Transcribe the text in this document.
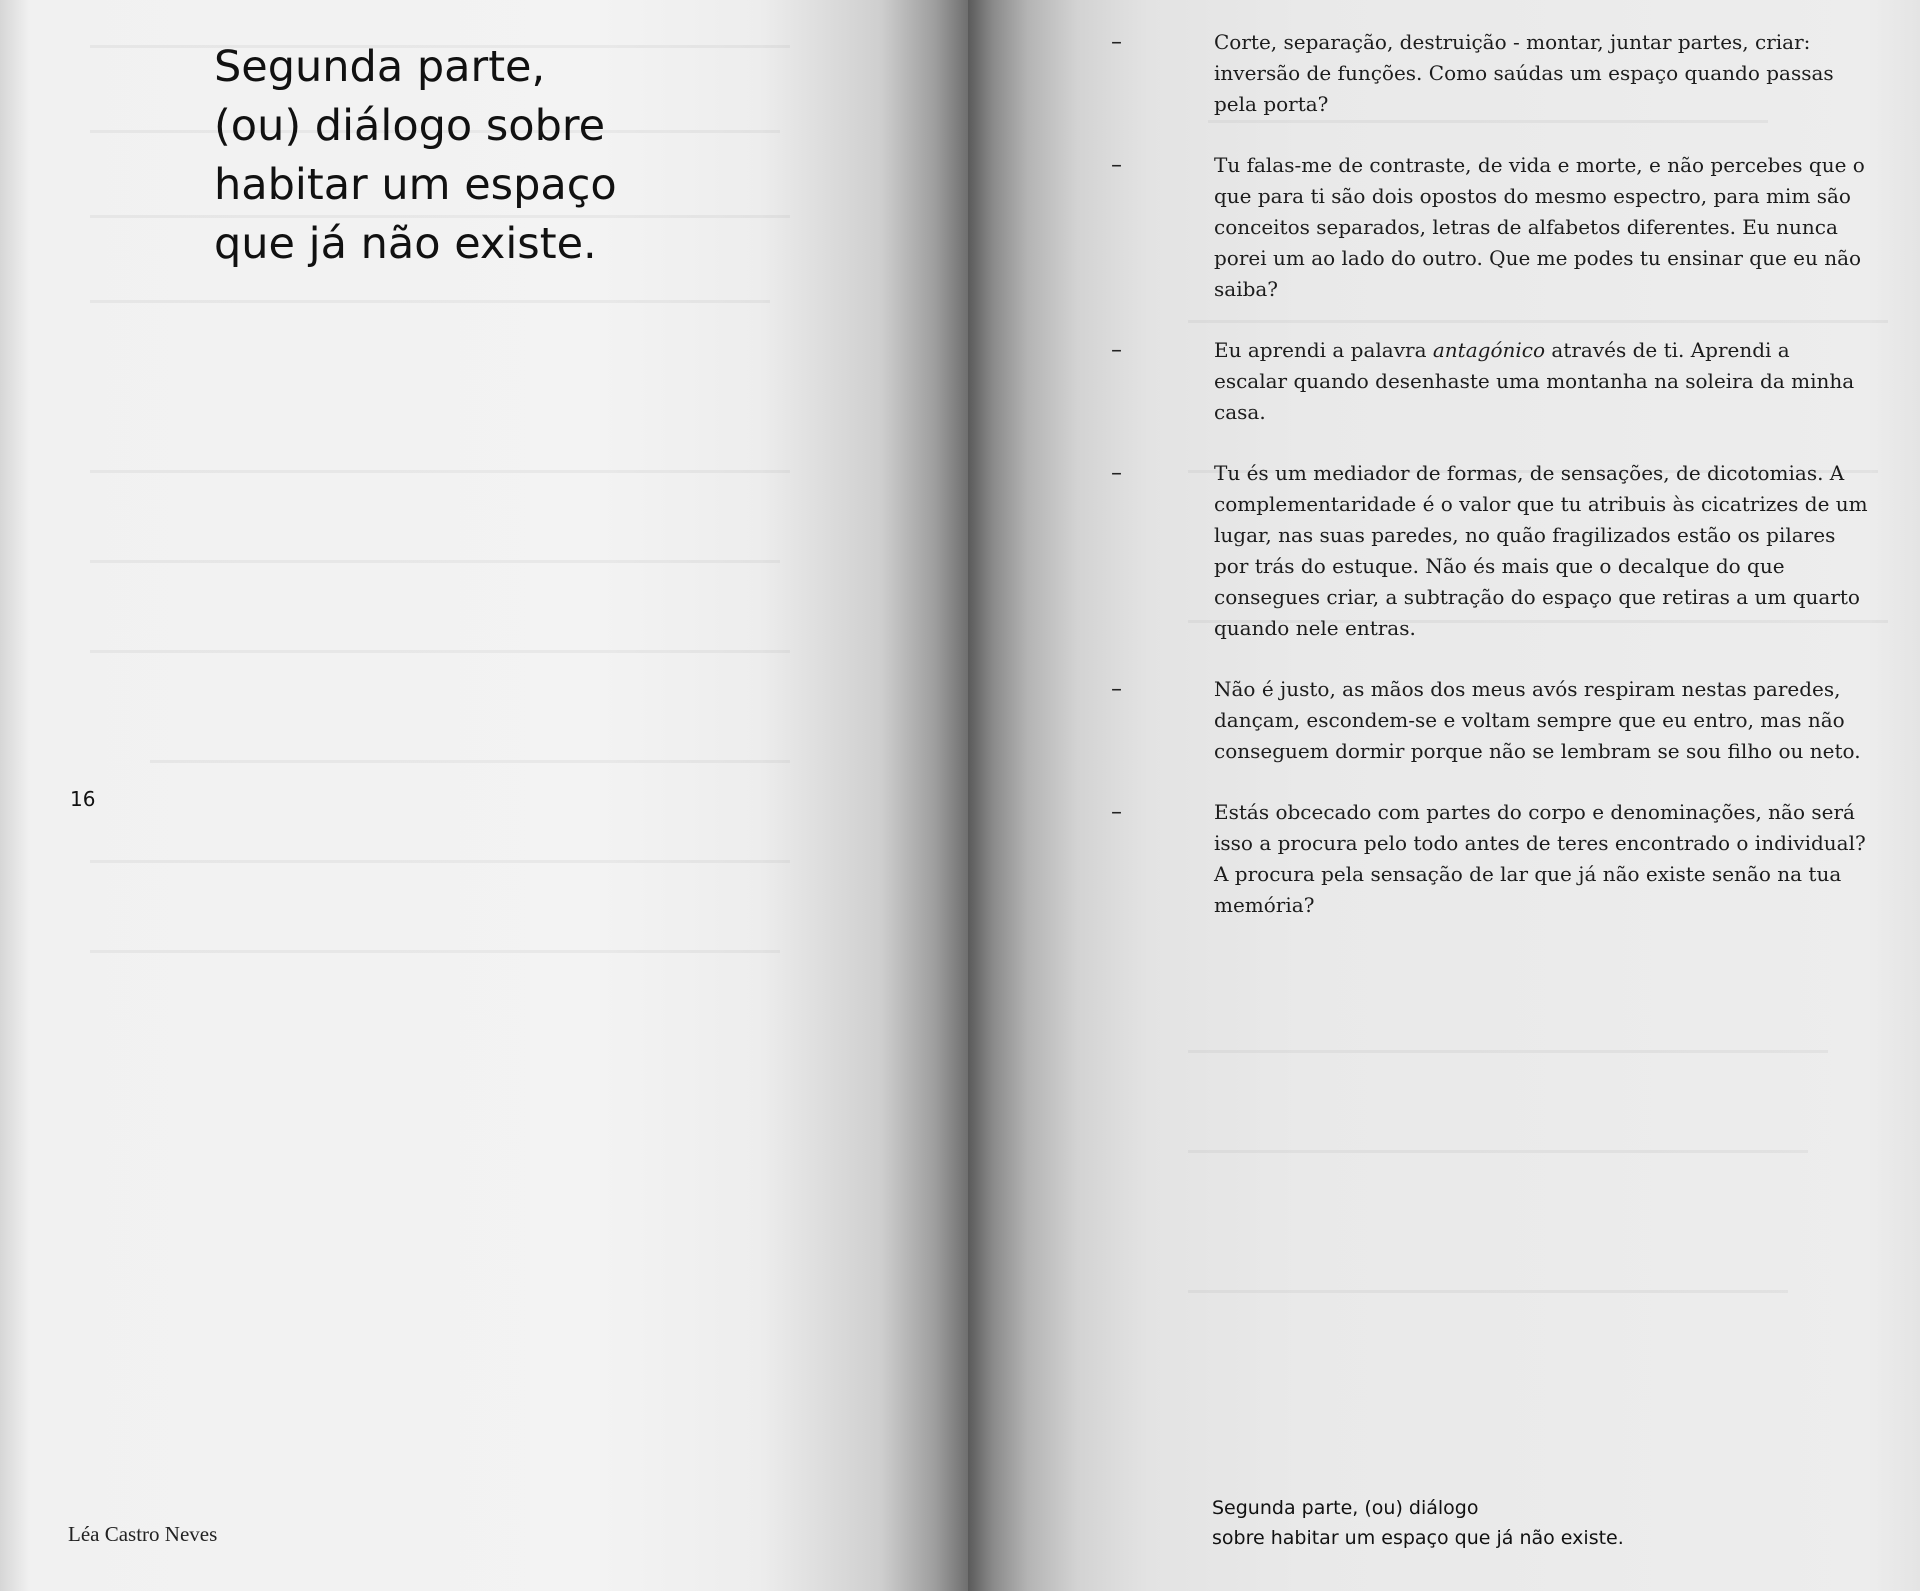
Segunda parte,
(ou) diálogo sobre
habitar um espaço
que já não existe.
16
Léa Castro Neves
–	Corte, separação, destruição - montar, juntar partes, criar: inversão de funções. Como saúdas um espaço quando passas pela porta?

–	Tu falas-me de contraste, de vida e morte, e não percebes que o que para ti são dois opostos do mesmo espectro, para mim são conceitos separados, letras de alfabetos diferentes. Eu nunca porei um ao lado do outro. Que me podes tu ensinar que eu não saiba?

–	Eu aprendi a palavra antagónico através de ti. Aprendi a escalar quando desenhaste uma montanha na soleira da minha casa.

–	Tu és um mediador de formas, de sensações, de dicotomias. A complementaridade é o valor que tu atribuis às cicatrizes de um lugar, nas suas paredes, no quão fragilizados estão os pilares por trás do estuque. Não és mais que o decalque do que consegues criar, a subtração do espaço que retiras a um quarto quando nele entras.

–	Não é justo, as mãos dos meus avós respiram nestas paredes, dançam, escondem-se e voltam sempre que eu entro, mas não conseguem dormir porque não se lembram se sou filho ou neto.

–	Estás obcecado com partes do corpo e denominações, não será isso a procura pelo todo antes de teres encontrado o individual? A procura pela sensação de lar que já não existe senão na tua memória?

Segunda parte, (ou) diálogo
sobre habitar um espaço que já não existe.
